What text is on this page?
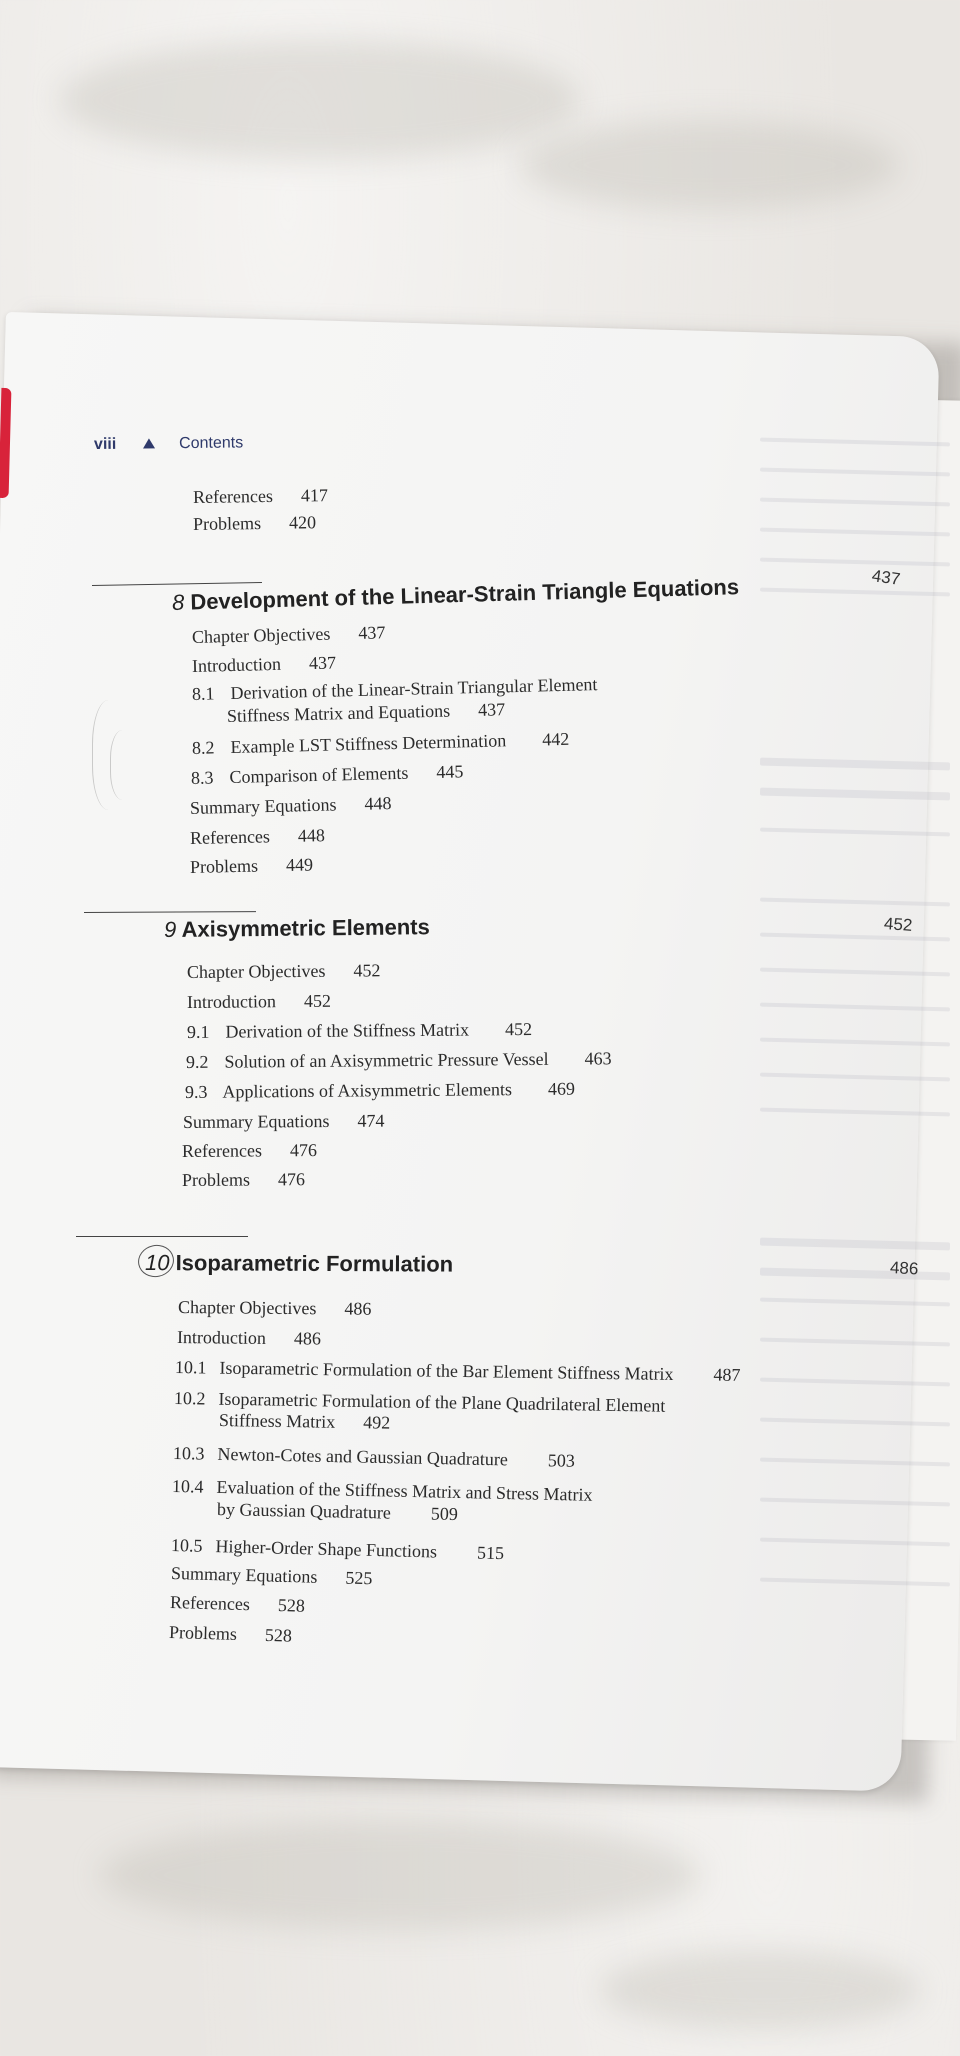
viii	Contents
References 417
Problems 420
8 Development of the Linear-Strain Triangle Equations	437
Chapter Objectives 437
Introduction 437
8.1 Derivation of the Linear-Strain Triangular Element
Stiffness Matrix and Equations 437
8.2 Example LST Stiffness Determination 442
8.3 Comparison of Elements 445
Summary Equations 448
References 448
Problems 449
9 Axisymmetric Elements	452
Chapter Objectives 452
Introduction 452
9.1 Derivation of the Stiffness Matrix 452
9.2 Solution of an Axisymmetric Pressure Vessel 463
9.3 Applications of Axisymmetric Elements 469
Summary Equations 474
References 476
Problems 476
10 Isoparametric Formulation	486
Chapter Objectives 486
Introduction 486
10.1 Isoparametric Formulation of the Bar Element Stiffness Matrix 487
10.2 Isoparametric Formulation of the Plane Quadrilateral Element
Stiffness Matrix 492
10.3 Newton-Cotes and Gaussian Quadrature 503
10.4 Evaluation of the Stiffness Matrix and Stress Matrix
by Gaussian Quadrature 509
10.5 Higher-Order Shape Functions 515
Summary Equations 525
References 528
Problems 528
